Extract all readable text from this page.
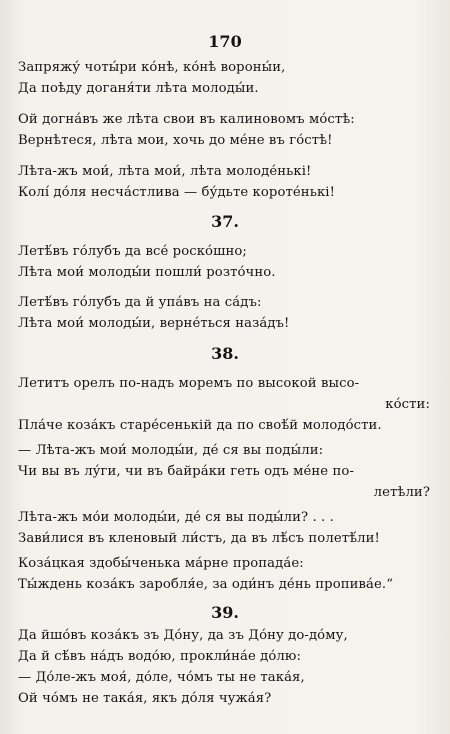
170
Запряжу́ чоты́ри ко́нѣ, ко́нѣ вороны́и,
Да поѣду доганя́ти лѣта молоды́и.
Ой догна́въ же лѣта свои въ калиновомъ мо́стѣ:
Вернѣтеся, лѣта мои, хочь до ме́не въ го́стѣ!
Лѣта-жъ мои́, лѣта мои́, лѣта молоде́нькі!
Колі́ до́ля несча́стлива — бу́дьте короте́нькі!
37.
Летѣ́въ го́лубъ да все́ роско́шно;
Лѣта мои́ молоды́и пошли́ розто́чно.
Летѣ́въ го́лубъ да й упа́въ на са́дъ:
Лѣта мои́ молоды́и, верне́ться наза́дъ!
38.
Летитъ орелъ по-надъ моремъ по высокой высо-
ко́сти:
Пла́че коза́къ старе́сенькій да по своѣ́й молодо́сти.
— Лѣта-жъ мои́ молоды́и, де́ ся вы поды́ли:
Чи вы въ лу́ги, чи въ байра́ки геть одъ ме́не по-
летѣли?
Лѣта-жъ мо́и молоды́и, де́ ся вы поды́ли? . . .
Зави́лися въ кленовый ли́стъ, да въ лѣ́съ полетѣ́ли!
Коза́цкая здобы́ченька ма́рне пропада́е:
Ты́ждень коза́къ заробля́е, за оди́нъ де́нь пропива́е.“
39.
Да йшо́въ коза́къ зъ До́ну, да зъ До́ну до-до́му,
Да й сѣ́въ на́дъ водо́ю, прокли́на́е до́лю:
— До́ле-жъ моя́, до́ле, чо́мъ ты не така́я,
Ой чо́мъ не така́я, якъ до́ля чужа́я?
